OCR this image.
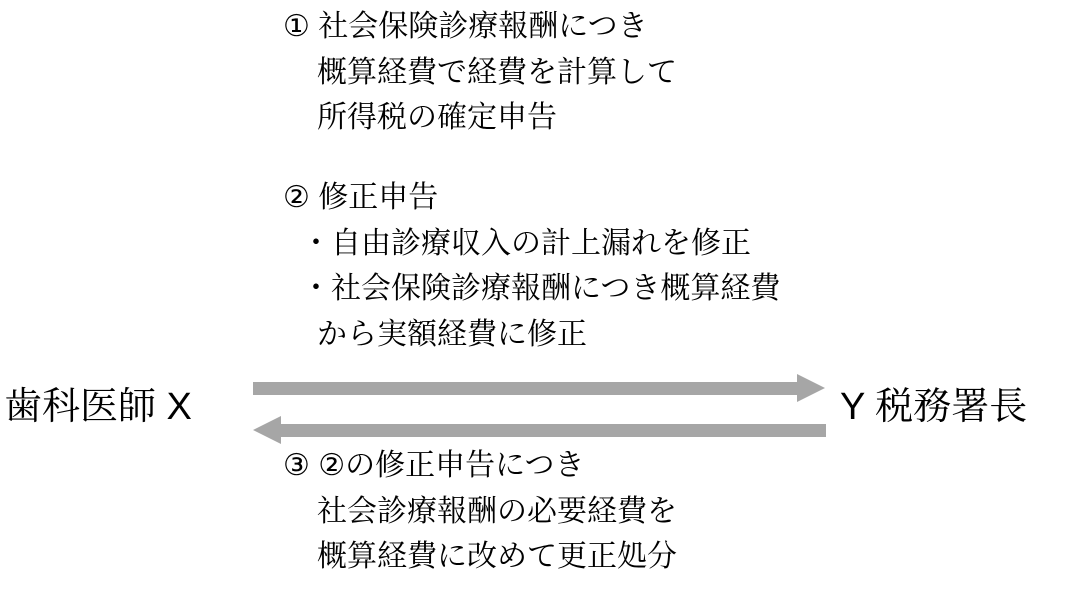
① 社会保険診療報酬につき
概算経費で経費を計算して
所得税の確定申告
② 修正申告
・自由診療収入の計上漏れを修正
・社会保険診療報酬につき概算経費
から実額経費に修正
歯科医師 X	Y 税務署長
③ ②の修正申告につき
社会診療報酬の必要経費を
概算経費に改めて更正処分
